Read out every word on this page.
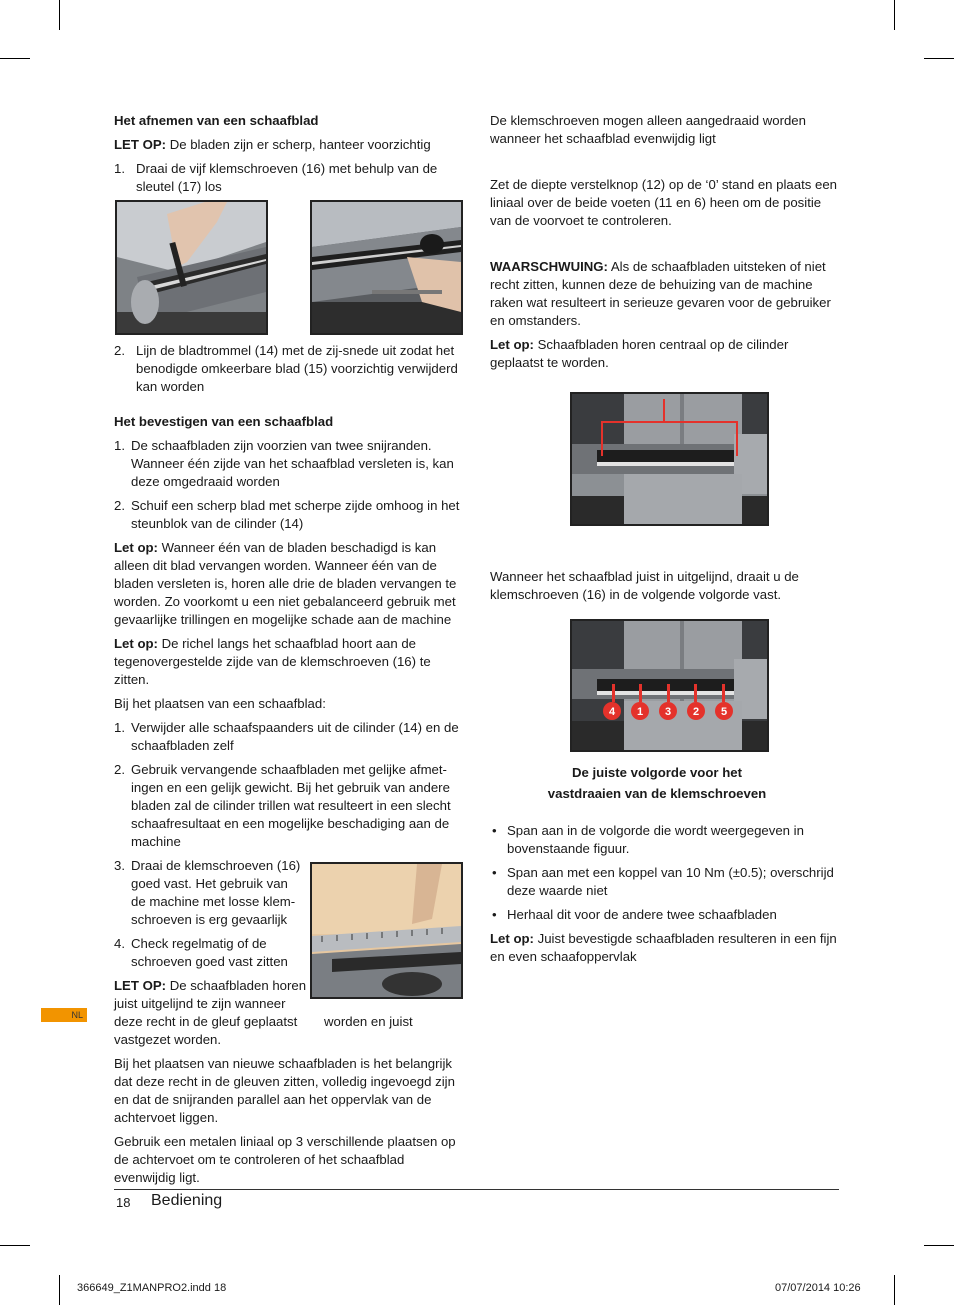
Het afnemen van een schaafblad

LET OP: De bladen zijn er scherp, hanteer voorzichtig

1. Draai de vijf klemschroeven (16) met behulp van de sleutel (17) los
2. Lijn de bladtrommel (14) met de zij-snede uit zodat het benodigde omkeerbare blad (15) voorzichtig verwijderd kan worden

Het bevestigen van een schaafblad

1. De schaafbladen zijn voorzien van twee snijranden. Wanneer één zijde van het schaafblad versleten is, kan deze omgedraaid worden
2. Schuif een scherp blad met scherpe zijde omhoog in het steunblok van de cilinder (14)

Let op: Wanneer één van de bladen beschadigd is kan alleen dit blad vervangen worden. Wanneer één van de bladen versleten is, horen alle drie de bladen vervangen te worden. Zo voorkomt u een niet gebalanceerd gebruik met gevaarlijke trillingen en mogelijke schade aan de machine

Let op: De richel langs het schaafblad hoort aan de tegenovergestelde zijde van de klemschroeven (16) te zitten.

Bij het plaatsen van een schaafblad:

1. Verwijder alle schaafspaanders uit de cilinder (14) en de schaafbladen zelf
2. Gebruik vervangende schaafbladen met gelijke afmet-ingen en een gelijk gewicht. Bij het gebruik van andere bladen zal de cilinder trillen wat resulteert in een slecht schaafresultaat en een mogelijke beschadiging aan de machine
3. Draai de klemschroeven (16) goed vast. Het gebruik van de machine met losse klem-schroeven is erg gevaarlijk
4. Check regelmatig of de schroeven goed vast zitten
LET OP: De schaafbladen horen
juist uitgelijnd te zijn wanneer
deze recht in de gleuf geplaatst worden en juist
vastgezet worden.

Bij het plaatsen van nieuwe schaafbladen is het belangrijk dat deze recht in de gleuven zitten, volledig ingevoegd zijn en dat de snijranden parallel aan het oppervlak van de achtervoet liggen.

Gebruik een metalen liniaal op 3 verschillende plaatsen op de achtervoet om te controleren of het schaafblad evenwijdig ligt.

De klemschroeven mogen alleen aangedraaid worden wanneer het schaafblad evenwijdig ligt

Zet de diepte verstelknop (12) op de ‘0’ stand en plaats een liniaal over de beide voeten (11 en 6) heen om de positie van de voorvoet te controleren.

WAARSCHWUING: Als de schaafbladen uitsteken of niet recht zitten, kunnen deze de behuizing van de machine raken wat resulteert in serieuze gevaren voor de gebruiker en omstanders.

Let op: Schaafbladen horen centraal op de cilinder geplaatst te worden.

Wanneer het schaafblad juist in uitgelijnd, draait u de klemschroeven (16) in de volgende volgorde vast.

4 1 3 2 5
De juiste volgorde voor het
vastdraaien van de klemschroeven
• Span aan in de volgorde die wordt weergegeven in bovenstaande figuur.
• Span aan met een koppel van 10 Nm (±0.5); overschrijd deze waarde niet
• Herhaal dit voor de andere twee schaafbladen

Let op: Juist bevestigde schaafbladen resulteren in een fijn en even schaafoppervlak

NL
18 Bediening
366649_Z1MANPRO2.indd 18	07/07/2014 10:26
